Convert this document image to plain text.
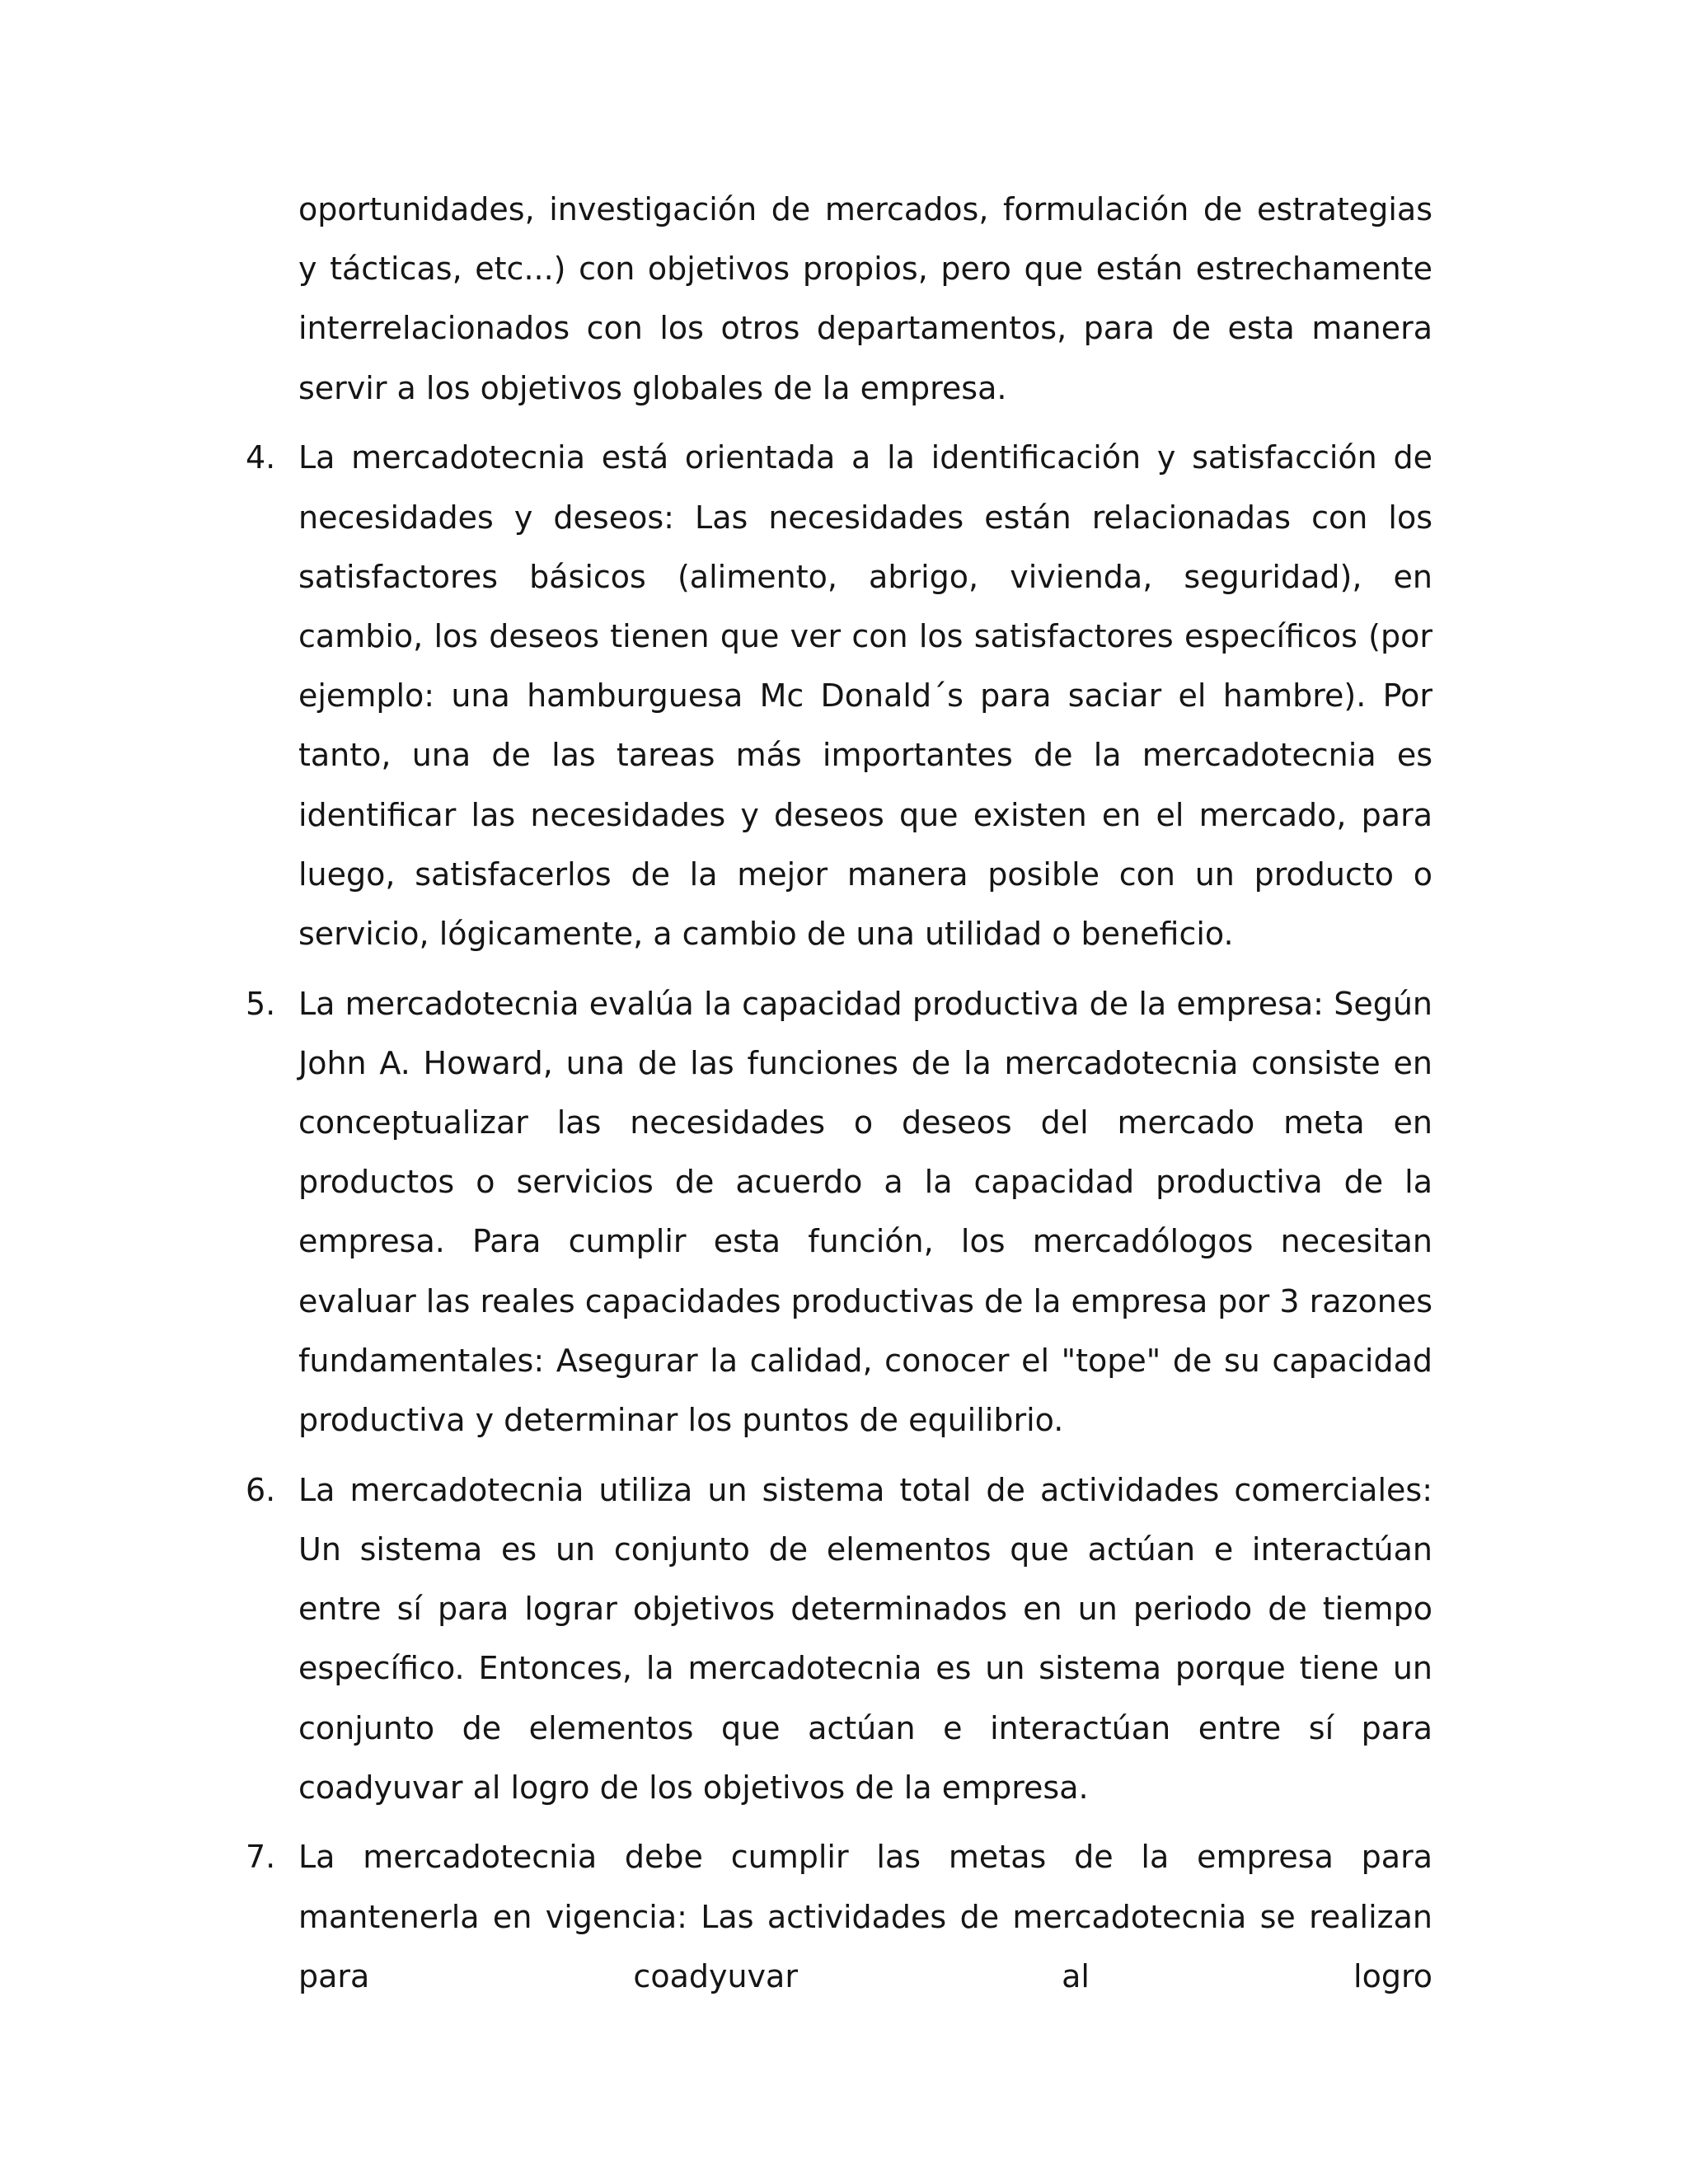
oportunidades, investigación de mercados, formulación de estrategias y tácticas, etc...) con objetivos propios, pero que están estrechamente interrelacionados con los otros departamentos, para de esta manera servir a los objetivos globales de la empresa.

4. La mercadotecnia está orientada a la identificación y satisfacción de necesidades y deseos: Las necesidades están relacionadas con los satisfactores básicos (alimento, abrigo, vivienda, seguridad), en cambio, los deseos tienen que ver con los satisfactores específicos (por ejemplo: una hamburguesa Mc Donald´s para saciar el hambre). Por tanto, una de las tareas más importantes de la mercadotecnia es identificar las necesidades y deseos que existen en el mercado, para luego, satisfacerlos de la mejor manera posible con un producto o servicio, lógicamente, a cambio de una utilidad o beneficio.

5. La mercadotecnia evalúa la capacidad productiva de la empresa: Según John A. Howard, una de las funciones de la mercadotecnia consiste en conceptualizar las necesidades o deseos del mercado meta en productos o servicios de acuerdo a la capacidad productiva de la empresa. Para cumplir esta función, los mercadólogos necesitan evaluar las reales capacidades productivas de la empresa por 3 razones fundamentales: Asegurar la calidad, conocer el "tope" de su capacidad productiva y determinar los puntos de equilibrio.

6. La mercadotecnia utiliza un sistema total de actividades comerciales: Un sistema es un conjunto de elementos que actúan e interactúan entre sí para lograr objetivos determinados en un periodo de tiempo específico. Entonces, la mercadotecnia es un sistema porque tiene un conjunto de elementos que actúan e interactúan entre sí para coadyuvar al logro de los objetivos de la empresa.

7. La mercadotecnia debe cumplir las metas de la empresa para mantenerla en vigencia: Las actividades de mercadotecnia se realizan para coadyuvar al logro
